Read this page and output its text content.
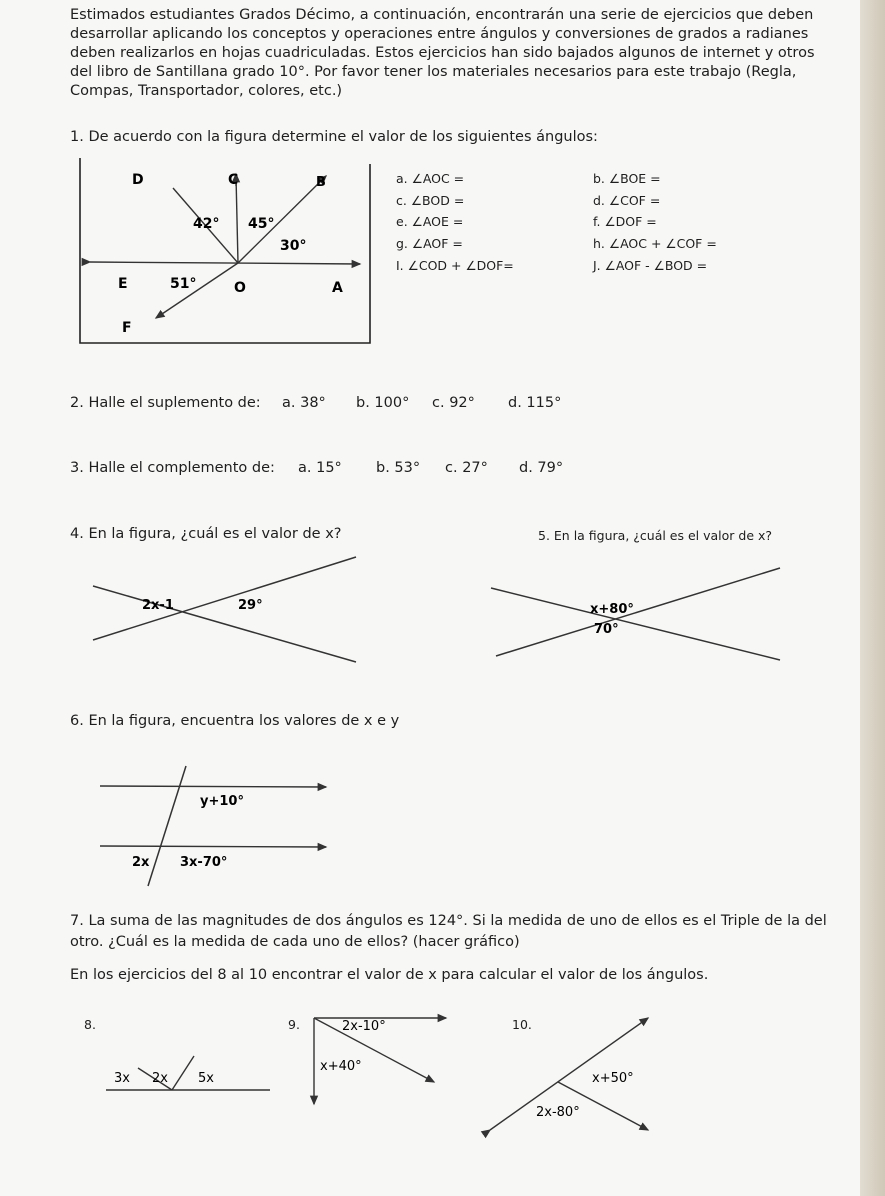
Estimados estudiantes Grados Décimo, a continuación, encontrarán una serie de ejercicios que deben
desarrollar aplicando los conceptos y operaciones entre ángulos y conversiones de grados a radianes
deben realizarlos en hojas cuadriculadas. Estos ejercicios han sido bajados algunos de internet y otros
del libro de Santillana grado 10°. Por favor tener los materiales necesarios para este trabajo (Regla,
Compas, Transportador, colores, etc.)
1. De acuerdo con la figura determine el valor de los siguientes ángulos:
D	C	B
42° 45°
30°
E	51°	O	A
F
a. ∠AOC =	b. ∠BOE =
c. ∠BOD =	d. ∠COF =
e. ∠AOE =	f. ∠DOF =
g. ∠AOF =	h. ∠AOC + ∠COF =
I. ∠COD + ∠DOF=	J. ∠AOF - ∠BOD =
2. Halle el suplemento de: a. 38° b. 100° c. 92° d. 115°
3. Halle el complemento de: a. 15° b. 53° c. 27° d. 79°
4. En la figura, ¿cuál es el valor de x?
2x-1	29°
5. En la figura, ¿cuál es el valor de x?
x+80°
70°
6. En la figura, encuentra los valores de x e y
y+10°
2x 3x-70°
7. La suma de las magnitudes de dos ángulos es 124°. Si la medida de uno de ellos es el Triple de la del
otro. ¿Cuál es la medida de cada uno de ellos? (hacer gráfico)
En los ejercicios del 8 al 10 encontrar el valor de x para calcular el valor de los ángulos.
8.
3x 2x 5x
9.	2x-10°
x+40°
10.
x+50°
2x-80°
